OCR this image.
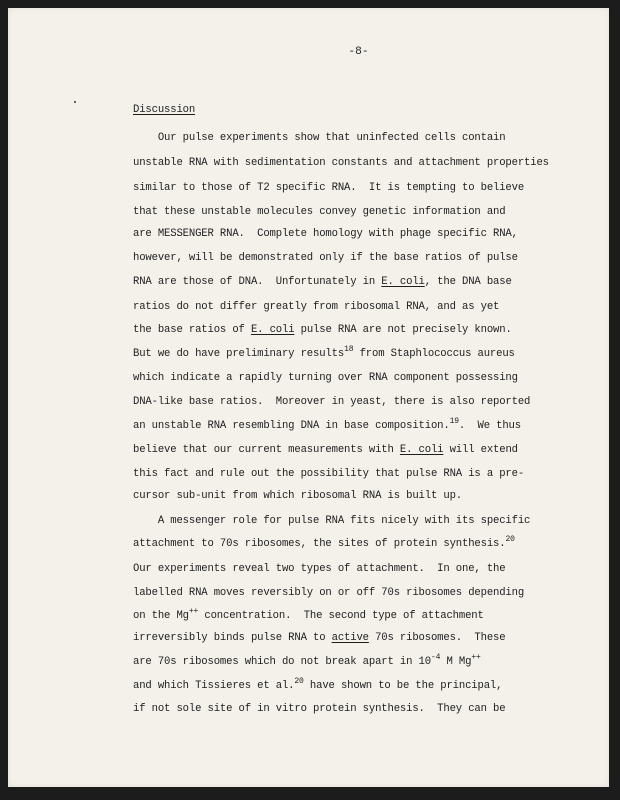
-8-
Discussion
Our pulse experiments show that uninfected cells contain
unstable RNA with sedimentation constants and attachment properties
similar to those of T2 specific RNA.  It is tempting to believe
that these unstable molecules convey genetic information and
are MESSENGER RNA.  Complete homology with phage specific RNA,
however, will be demonstrated only if the base ratios of pulse
RNA are those of DNA.  Unfortunately in E. coli, the DNA base
ratios do not differ greatly from ribosomal RNA, and as yet
the base ratios of E. coli pulse RNA are not precisely known.
But we do have preliminary results$^{18}$ from Staphlococcus aureus
which indicate a rapidly turning over RNA component possessing
DNA-like base ratios.  Moreover in yeast, there is also reported
an unstable RNA resembling DNA in base composition.$^{19}$.  We thus
believe that our current measurements with E. coli will extend
this fact and rule out the possibility that pulse RNA is a pre-
cursor sub-unit from which ribosomal RNA is built up.
A messenger role for pulse RNA fits nicely with its specific
attachment to 70s ribosomes, the sites of protein synthesis.$^{20}$
Our experiments reveal two types of attachment.  In one, the
labelled RNA moves reversibly on or off 70s ribosomes depending
on the Mg++ concentration.  The second type of attachment
irreversibly binds pulse RNA to active 70s ribosomes.  These
are 70s ribosomes which do not break apart in $10^{-4}$ M Mg++
and which Tissieres et al.$^{20}$ have shown to be the principal,
if not sole site of in vitro protein synthesis.  They can be
